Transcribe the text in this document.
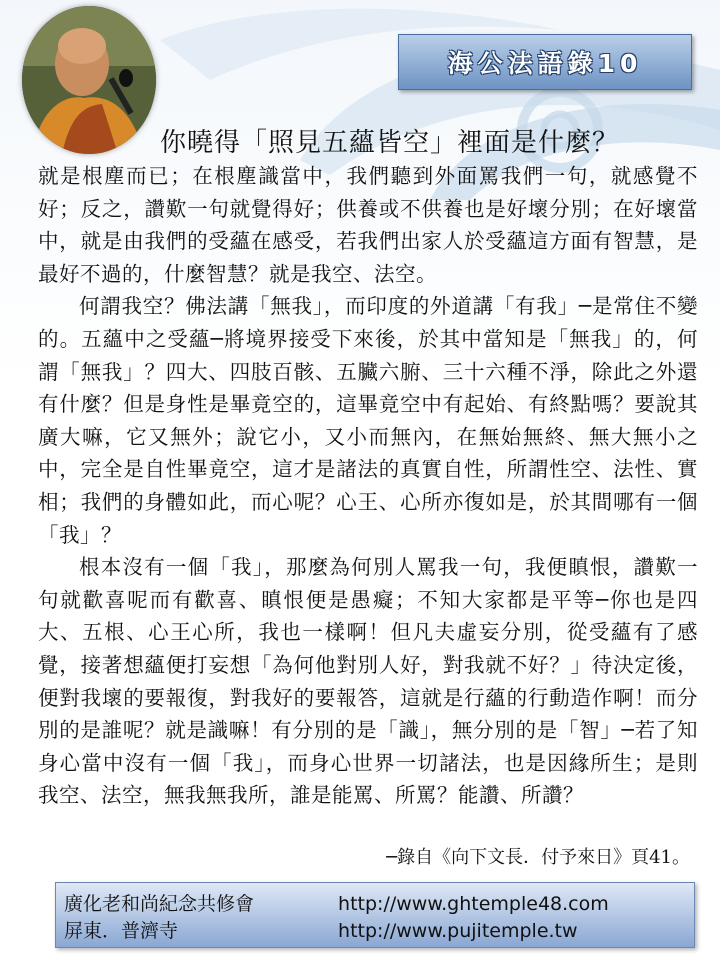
海公法語錄10
你曉得「照見五蘊皆空」裡面是什麼？

就是根塵而已；在根塵識當中，我們聽到外面罵我們一句，就感覺不好；反之，讚歎一句就覺得好；供養或不供養也是好壞分別；在好壞當中，就是由我們的受蘊在感受，若我們出家人於受蘊這方面有智慧，是最好不過的，什麼智慧？就是我空、法空。

何謂我空？佛法講「無我」，而印度的外道講「有我」─是常住不變的。五蘊中之受蘊─將境界接受下來後，於其中當知是「無我」的，何謂「無我」？四大、四肢百骸、五臟六腑、三十六種不淨，除此之外還有什麼？但是身性是畢竟空的，這畢竟空中有起始、有終點嗎？要說其廣大嘛，它又無外；說它小，又小而無內，在無始無終、無大無小之中，完全是自性畢竟空，這才是諸法的真實自性，所謂性空、法性、實相；我們的身體如此，而心呢？心王、心所亦復如是，於其間哪有一個「我」？

根本沒有一個「我」，那麼為何別人罵我一句，我便瞋恨，讚歎一句就歡喜呢而有歡喜、瞋恨便是愚癡；不知大家都是平等─你也是四大、五根、心王心所，我也一樣啊！但凡夫虛妄分別，從受蘊有了感覺，接著想蘊便打妄想「為何他對別人好，對我就不好？」待決定後，便對我壞的要報復，對我好的要報答，這就是行蘊的行動造作啊！而分別的是誰呢？就是識嘛！有分別的是「識」，無分別的是「智」─若了知身心當中沒有一個「我」，而身心世界一切諸法，也是因緣所生；是則我空、法空，無我無我所，誰是能罵、所罵？能讚、所讚？

─錄自《向下文長．付予來日》頁41。
廣化老和尚紀念共修會	http://www.ghtemple48.com
屏東．普濟寺	http://www.pujitemple.tw
